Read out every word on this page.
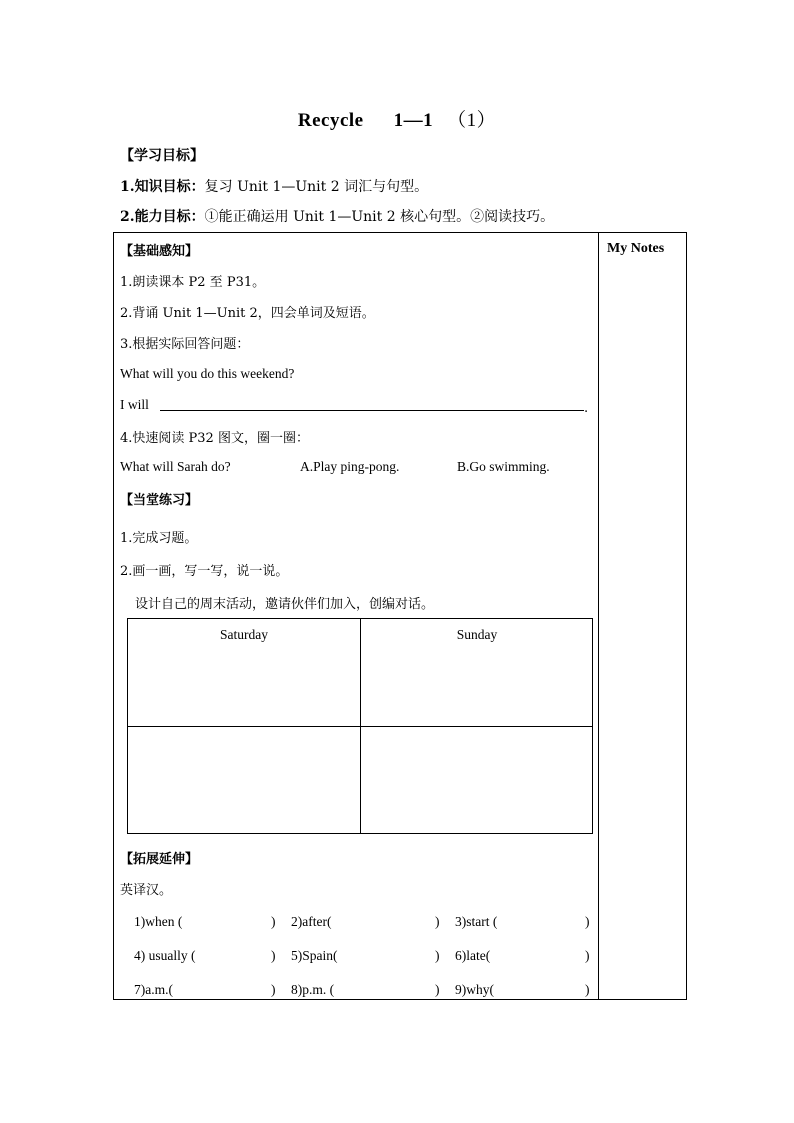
Recycle 1—1 （1）
【学习目标】
1.知识目标：复习 Unit 1—Unit 2 词汇与句型。
2.能力目标：①能正确运用 Unit 1—Unit 2 核心句型。②阅读技巧。
My Notes
【基础感知】
1.朗读课本 P2 至 P31。
2.背诵 Unit 1—Unit 2，四会单词及短语。
3.根据实际回答问题：
What will you do this weekend?
I will	.
4.快速阅读 P32 图文，圈一圈：
What will Sarah do?	A.Play ping-pong.	B.Go swimming.
【当堂练习】
1.完成习题。
2.画一画，写一写，说一说。
设计自己的周末活动，邀请伙伴们加入，创编对话。
Saturday	Sunday
【拓展延伸】
英译汉。
1)when (	) 2)after(	) 3)start (	)
4) usually (	) 5)Spain(	) 6)late(	)
7)a.m.(	) 8)p.m. (	) 9)why(	)
